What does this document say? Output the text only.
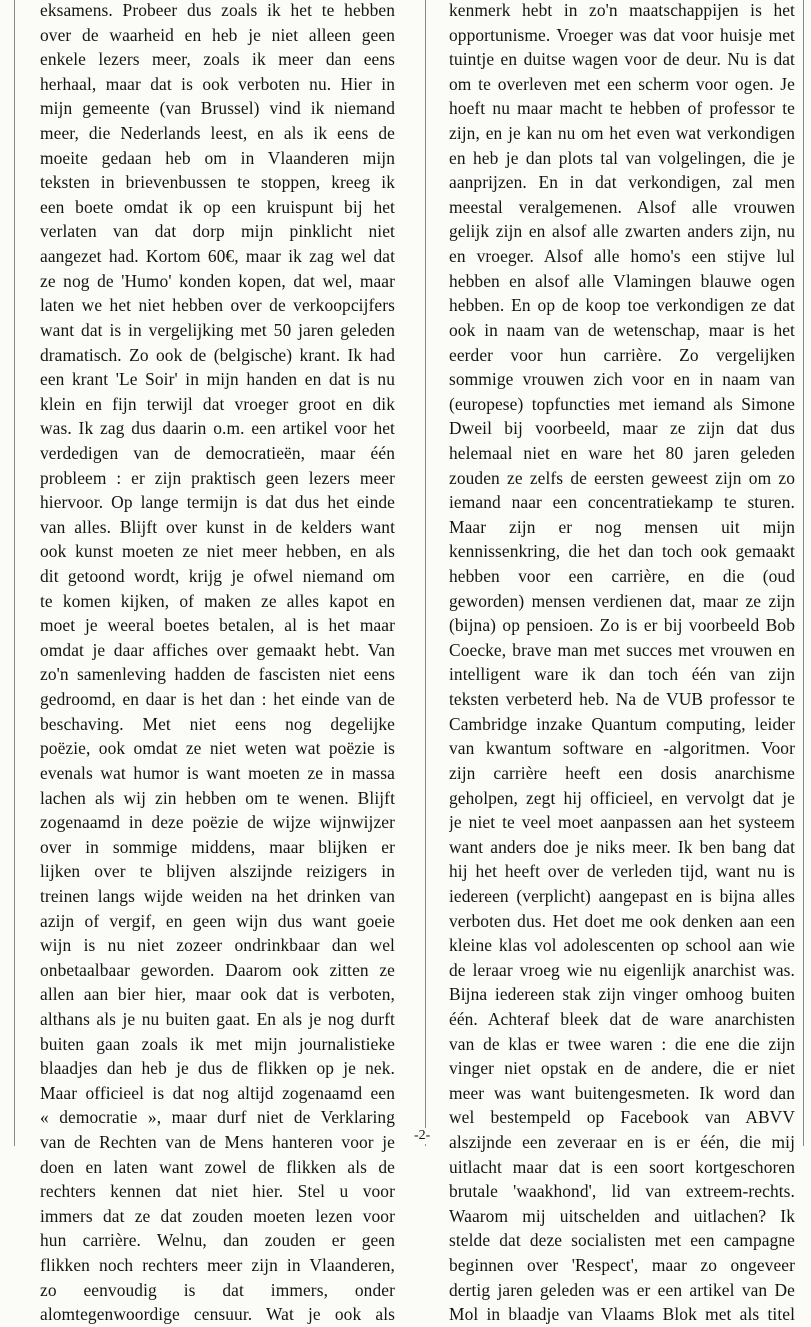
eksamens. Probeer dus zoals ik het te hebben
over de waarheid en heb je niet alleen geen
enkele lezers meer, zoals ik meer dan eens
herhaal, maar dat is ook verboten nu. Hier in
mijn gemeente (van Brussel) vind ik niemand
meer, die Nederlands leest, en als ik eens de
moeite gedaan heb om in Vlaanderen mijn
teksten in brievenbussen te stoppen, kreeg ik
een boete omdat ik op een kruispunt bij het
verlaten van dat dorp mijn pinklicht niet
aangezet had. Kortom 60€, maar ik zag wel dat
ze nog de 'Humo' konden kopen, dat wel, maar
laten we het niet hebben over de verkoopcijfers
want dat is in vergelijking met 50 jaren geleden
dramatisch. Zo ook de (belgische) krant. Ik had
een krant 'Le Soir' in mijn handen en dat is nu
klein en fijn terwijl dat vroeger groot en dik
was. Ik zag dus daarin o.m. een artikel voor het
verdedigen van de democratieën, maar één
probleem : er zijn praktisch geen lezers meer
hiervoor. Op lange termijn is dat dus het einde
van alles. Blijft over kunst in de kelders want
ook kunst moeten ze niet meer hebben, en als
dit getoond wordt, krijg je ofwel niemand om
te komen kijken, of maken ze alles kapot en
moet je weeral boetes betalen, al is het maar
omdat je daar affiches over gemaakt hebt. Van
zo'n samenleving hadden de fascisten niet eens
gedroomd, en daar is het dan : het einde van de
beschaving. Met niet eens nog degelijke
poëzie, ook omdat ze niet weten wat poëzie is
evenals wat humor is want moeten ze in massa
lachen als wij zin hebben om te wenen. Blijft
zogenaamd in deze poëzie de wijze wijnwijzer
over in sommige middens, maar blijken er
lijken over te blijven alszijnde reizigers in
treinen langs wijde weiden na het drinken van
azijn of vergif, en geen wijn dus want goeie
wijn is nu niet zozeer ondrinkbaar dan wel
onbetaalbaar geworden. Daarom ook zitten ze
allen aan bier hier, maar ook dat is verboten,
althans als je nu buiten gaat. En als je nog durft
buiten gaan zoals ik met mijn journalistieke
blaadjes dan heb je dus de flikken op je nek.
Maar officieel is dat nog altijd zogenaamd een
« democratie », maar durf niet de Verklaring
van de Rechten van de Mens hanteren voor je
doen en laten want zowel de flikken als de
rechters kennen dat niet hier. Stel u voor
immers dat ze dat zouden moeten lezen voor
hun carrière. Welnu, dan zouden er geen
flikken noch rechters meer zijn in Vlaanderen,
zo eenvoudig is dat immers, onder
alomtegenwoordige censuur. Wat je ook als
kenmerk hebt in zo'n maatschappijen is het
opportunisme. Vroeger was dat voor huisje met
tuintje en duitse wagen voor de deur. Nu is dat
om te overleven met een scherm voor ogen. Je
hoeft nu maar macht te hebben of professor te
zijn, en je kan nu om het even wat verkondigen
en heb je dan plots tal van volgelingen, die je
aanprijzen. En in dat verkondigen, zal men
meestal veralgemenen. Alsof alle vrouwen
gelijk zijn en alsof alle zwarten anders zijn, nu
en vroeger. Alsof alle homo's een stijve lul
hebben en alsof alle Vlamingen blauwe ogen
hebben. En op de koop toe verkondigen ze dat
ook in naam van de wetenschap, maar is het
eerder voor hun carrière. Zo vergelijken
sommige vrouwen zich voor en in naam van
(europese) topfuncties met iemand als Simone
Dweil bij voorbeeld, maar ze zijn dat dus
helemaal niet en ware het 80 jaren geleden
zouden ze zelfs de eersten geweest zijn om zo
iemand naar een concentratiekamp te sturen.
Maar zijn er nog mensen uit mijn
kennissenkring, die het dan toch ook gemaakt
hebben voor een carrière, en die (oud
geworden) mensen verdienen dat, maar ze zijn
(bijna) op pensioen. Zo is er bij voorbeeld Bob
Coecke, brave man met succes met vrouwen en
intelligent ware ik dan toch één van zijn
teksten verbeterd heb. Na de VUB professor te
Cambridge inzake Quantum computing, leider
van kwantum software en -algoritmen. Voor
zijn carrière heeft een dosis anarchisme
geholpen, zegt hij officieel, en vervolgt dat je
je niet te veel moet aanpassen aan het systeem
want anders doe je niks meer. Ik ben bang dat
hij het heeft over de verleden tijd, want nu is
iedereen (verplicht) aangepast en is bijna alles
verboten dus. Het doet me ook denken aan een
kleine klas vol adolescenten op school aan wie
de leraar vroeg wie nu eigenlijk anarchist was.
Bijna iedereen stak zijn vinger omhoog buiten
één. Achteraf bleek dat de ware anarchisten
van de klas er twee waren : die ene die zijn
vinger niet opstak en de andere, die er niet
meer was want buitengesmeten. Ik word dan
wel bestempeld op Facebook van ABVV
alszijnde een zeveraar en is er één, die mij
uitlacht maar dat is een soort kortgeschoren
brutale 'waakhond', lid van extreem-rechts.
Waarom mij uitschelden and uitlachen? Ik
stelde dat deze socialisten met een campagne
beginnen over 'Respect', maar zo ongeveer
dertig jaren geleden was er een artikel van De
Mol in blaadje van Vlaams Blok met als titel
-2-
